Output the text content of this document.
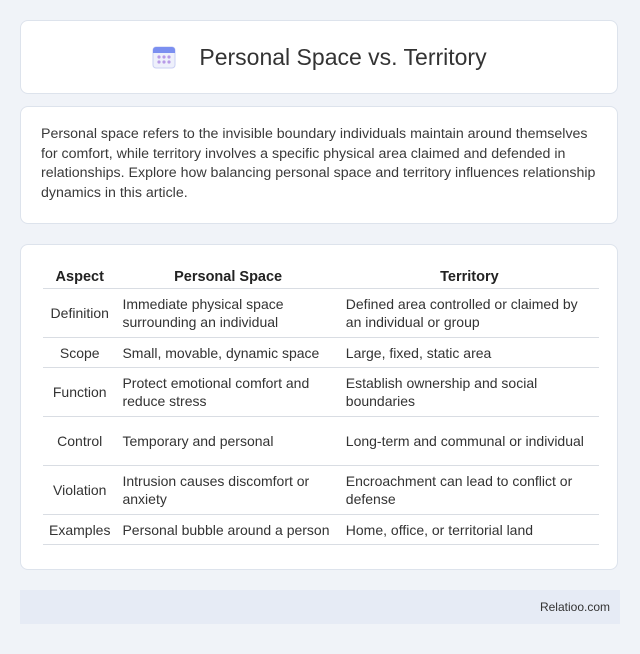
Personal Space vs. Territory

Personal space refers to the invisible boundary individuals maintain around themselves for comfort, while territory involves a specific physical area claimed and defended in relationships. Explore how balancing personal space and territory influences relationship dynamics in this article.

Aspect	Personal Space	Territory
Definition	Immediate physical space surrounding an individual	Defined area controlled or claimed by an individual or group
Scope	Small, movable, dynamic space	Large, fixed, static area
Function	Protect emotional comfort and reduce stress	Establish ownership and social boundaries
Control	Temporary and personal	Long-term and communal or individual
Violation	Intrusion causes discomfort or anxiety	Encroachment can lead to conflict or defense
Examples	Personal bubble around a person	Home, office, or territorial land
Relatioo.com
